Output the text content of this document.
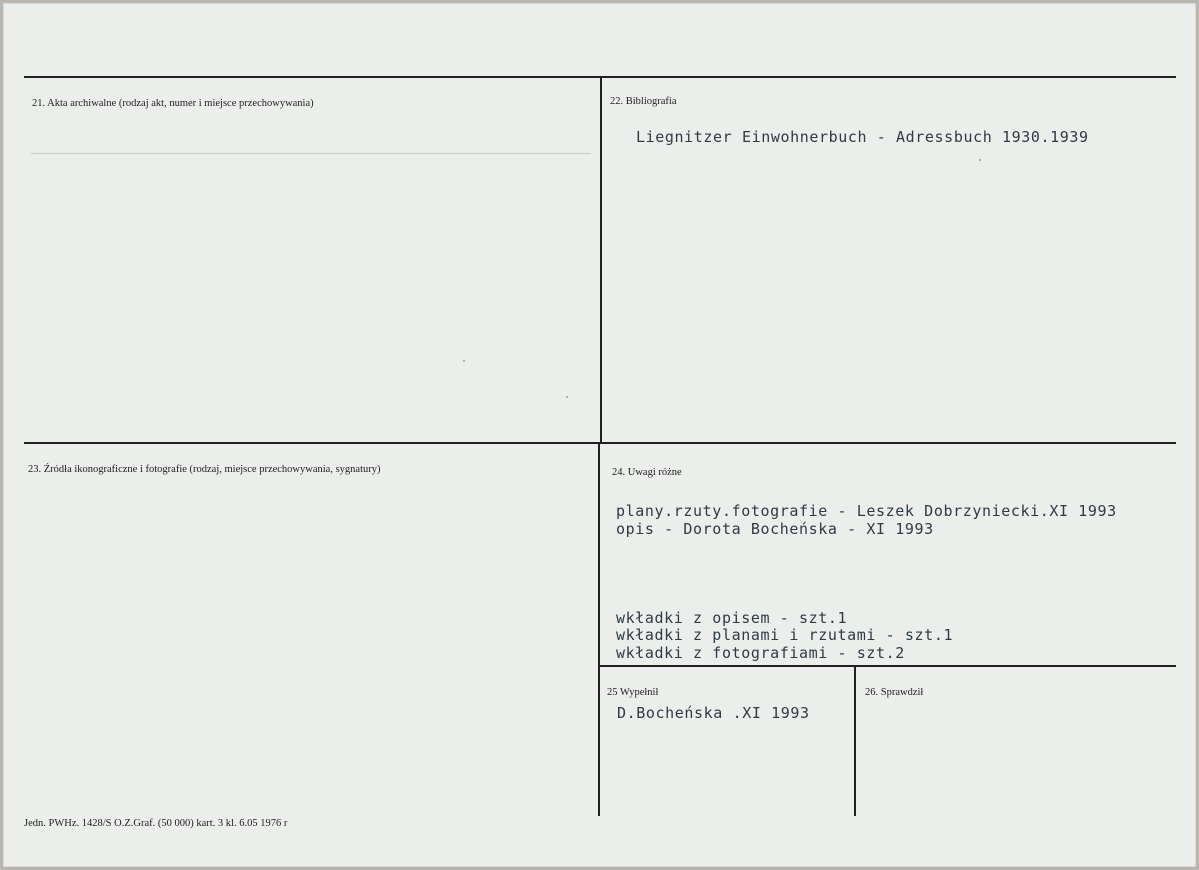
21. Akta archiwalne (rodzaj akt, numer i miejsce przechowywania)	22. Bibliografia
Liegnitzer Einwohnerbuch - Adressbuch 1930.1939
23. Źródła ikonograficzne i fotografie (rodzaj, miejsce przechowywania, sygnatury)	24. Uwagi różne
plany.rzuty.fotografie - Leszek Dobrzyniecki.XI 1993
opis - Dorota Bocheńska - XI 1993
wkładki z opisem - szt.1
wkładki z planami i rzutami - szt.1
wkładki z fotografiami - szt.2
25 Wypełnił
D.Bocheńska .XI 1993
26. Sprawdził
Jedn. PWHz. 1428/S O.Z.Graf. (50 000) kart. 3 kl. 6.05 1976 r
